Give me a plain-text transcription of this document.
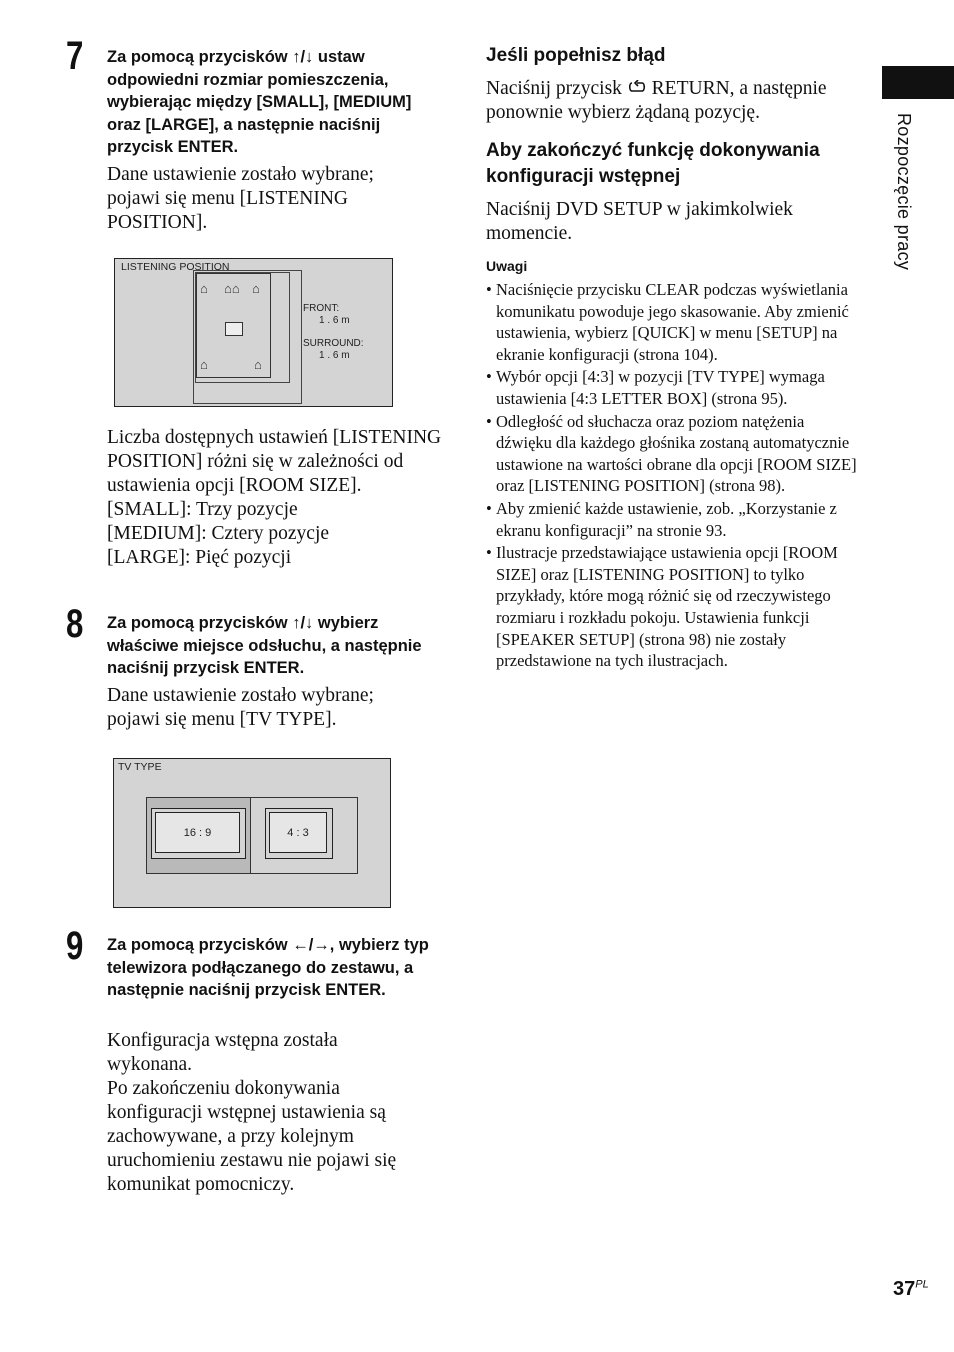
7 Za pomocą przycisków ↑/↓ ustaw odpowiedni rozmiar pomieszczenia, wybierając między [SMALL], [MEDIUM] oraz [LARGE], a następnie naciśnij przycisk ENTER.

Dane ustawienie zostało wybrane; pojawi się menu [LISTENING POSITION].

LISTENING POSITION
⌂ ⌂⌂ ⌂
⌂	⌂
FRONT:
1 . 6 m
SURROUND:
1 . 6 m

Liczba dostępnych ustawień [LISTENING POSITION] różni się w zależności od ustawienia opcji [ROOM SIZE].

[SMALL]: Trzy pozycje

[MEDIUM]: Cztery pozycje

[LARGE]: Pięć pozycji

8 Za pomocą przycisków ↑/↓ wybierz właściwe miejsce odsłuchu, a następnie naciśnij przycisk ENTER.

Dane ustawienie zostało wybrane; pojawi się menu [TV TYPE].

TV TYPE
16 : 9	4 : 3
9 Za pomocą przycisków ←/→, wybierz typ telewizora podłączanego do zestawu, a następnie naciśnij przycisk ENTER.

Konfiguracja wstępna została wykonana.

Po zakończeniu dokonywania konfiguracji wstępnej ustawienia są zachowywane, a przy kolejnym uruchomieniu zestawu nie pojawi się komunikat pomocniczy.

Jeśli popełnisz błąd

Naciśnij przycisk RETURN, a następnie ponownie wybierz żądaną pozycję.

Aby zakończyć funkcję dokonywania konfiguracji wstępnej

Naciśnij DVD SETUP w jakimkolwiek momencie.

Uwagi
• Naciśnięcie przycisku CLEAR podczas wyświetlania komunikatu powoduje jego skasowanie. Aby zmienić ustawienia, wybierz [QUICK] w menu [SETUP] na ekranie konfiguracji (strona 104).
• Wybór opcji [4:3] w pozycji [TV TYPE] wymaga ustawienia [4:3 LETTER BOX] (strona 95).
• Odległość od słuchacza oraz poziom natężenia dźwięku dla każdego głośnika zostaną automatycznie ustawione na wartości obrane dla opcji [ROOM SIZE] oraz [LISTENING POSITION] (strona 98).
• Aby zmienić każde ustawienie, zob. „Korzystanie z ekranu konfiguracji” na stronie 93.
• Ilustracje przedstawiające ustawienia opcji [ROOM SIZE] oraz [LISTENING POSITION] to tylko przykłady, które mogą różnić się od rzeczywistego rozmiaru i rozkładu pokoju. Ustawienia funkcji [SPEAKER SETUP] (strona 98) nie zostały przedstawione na tych ilustracjach.
Rozpoczęcie pracy
$37^{PL}$
